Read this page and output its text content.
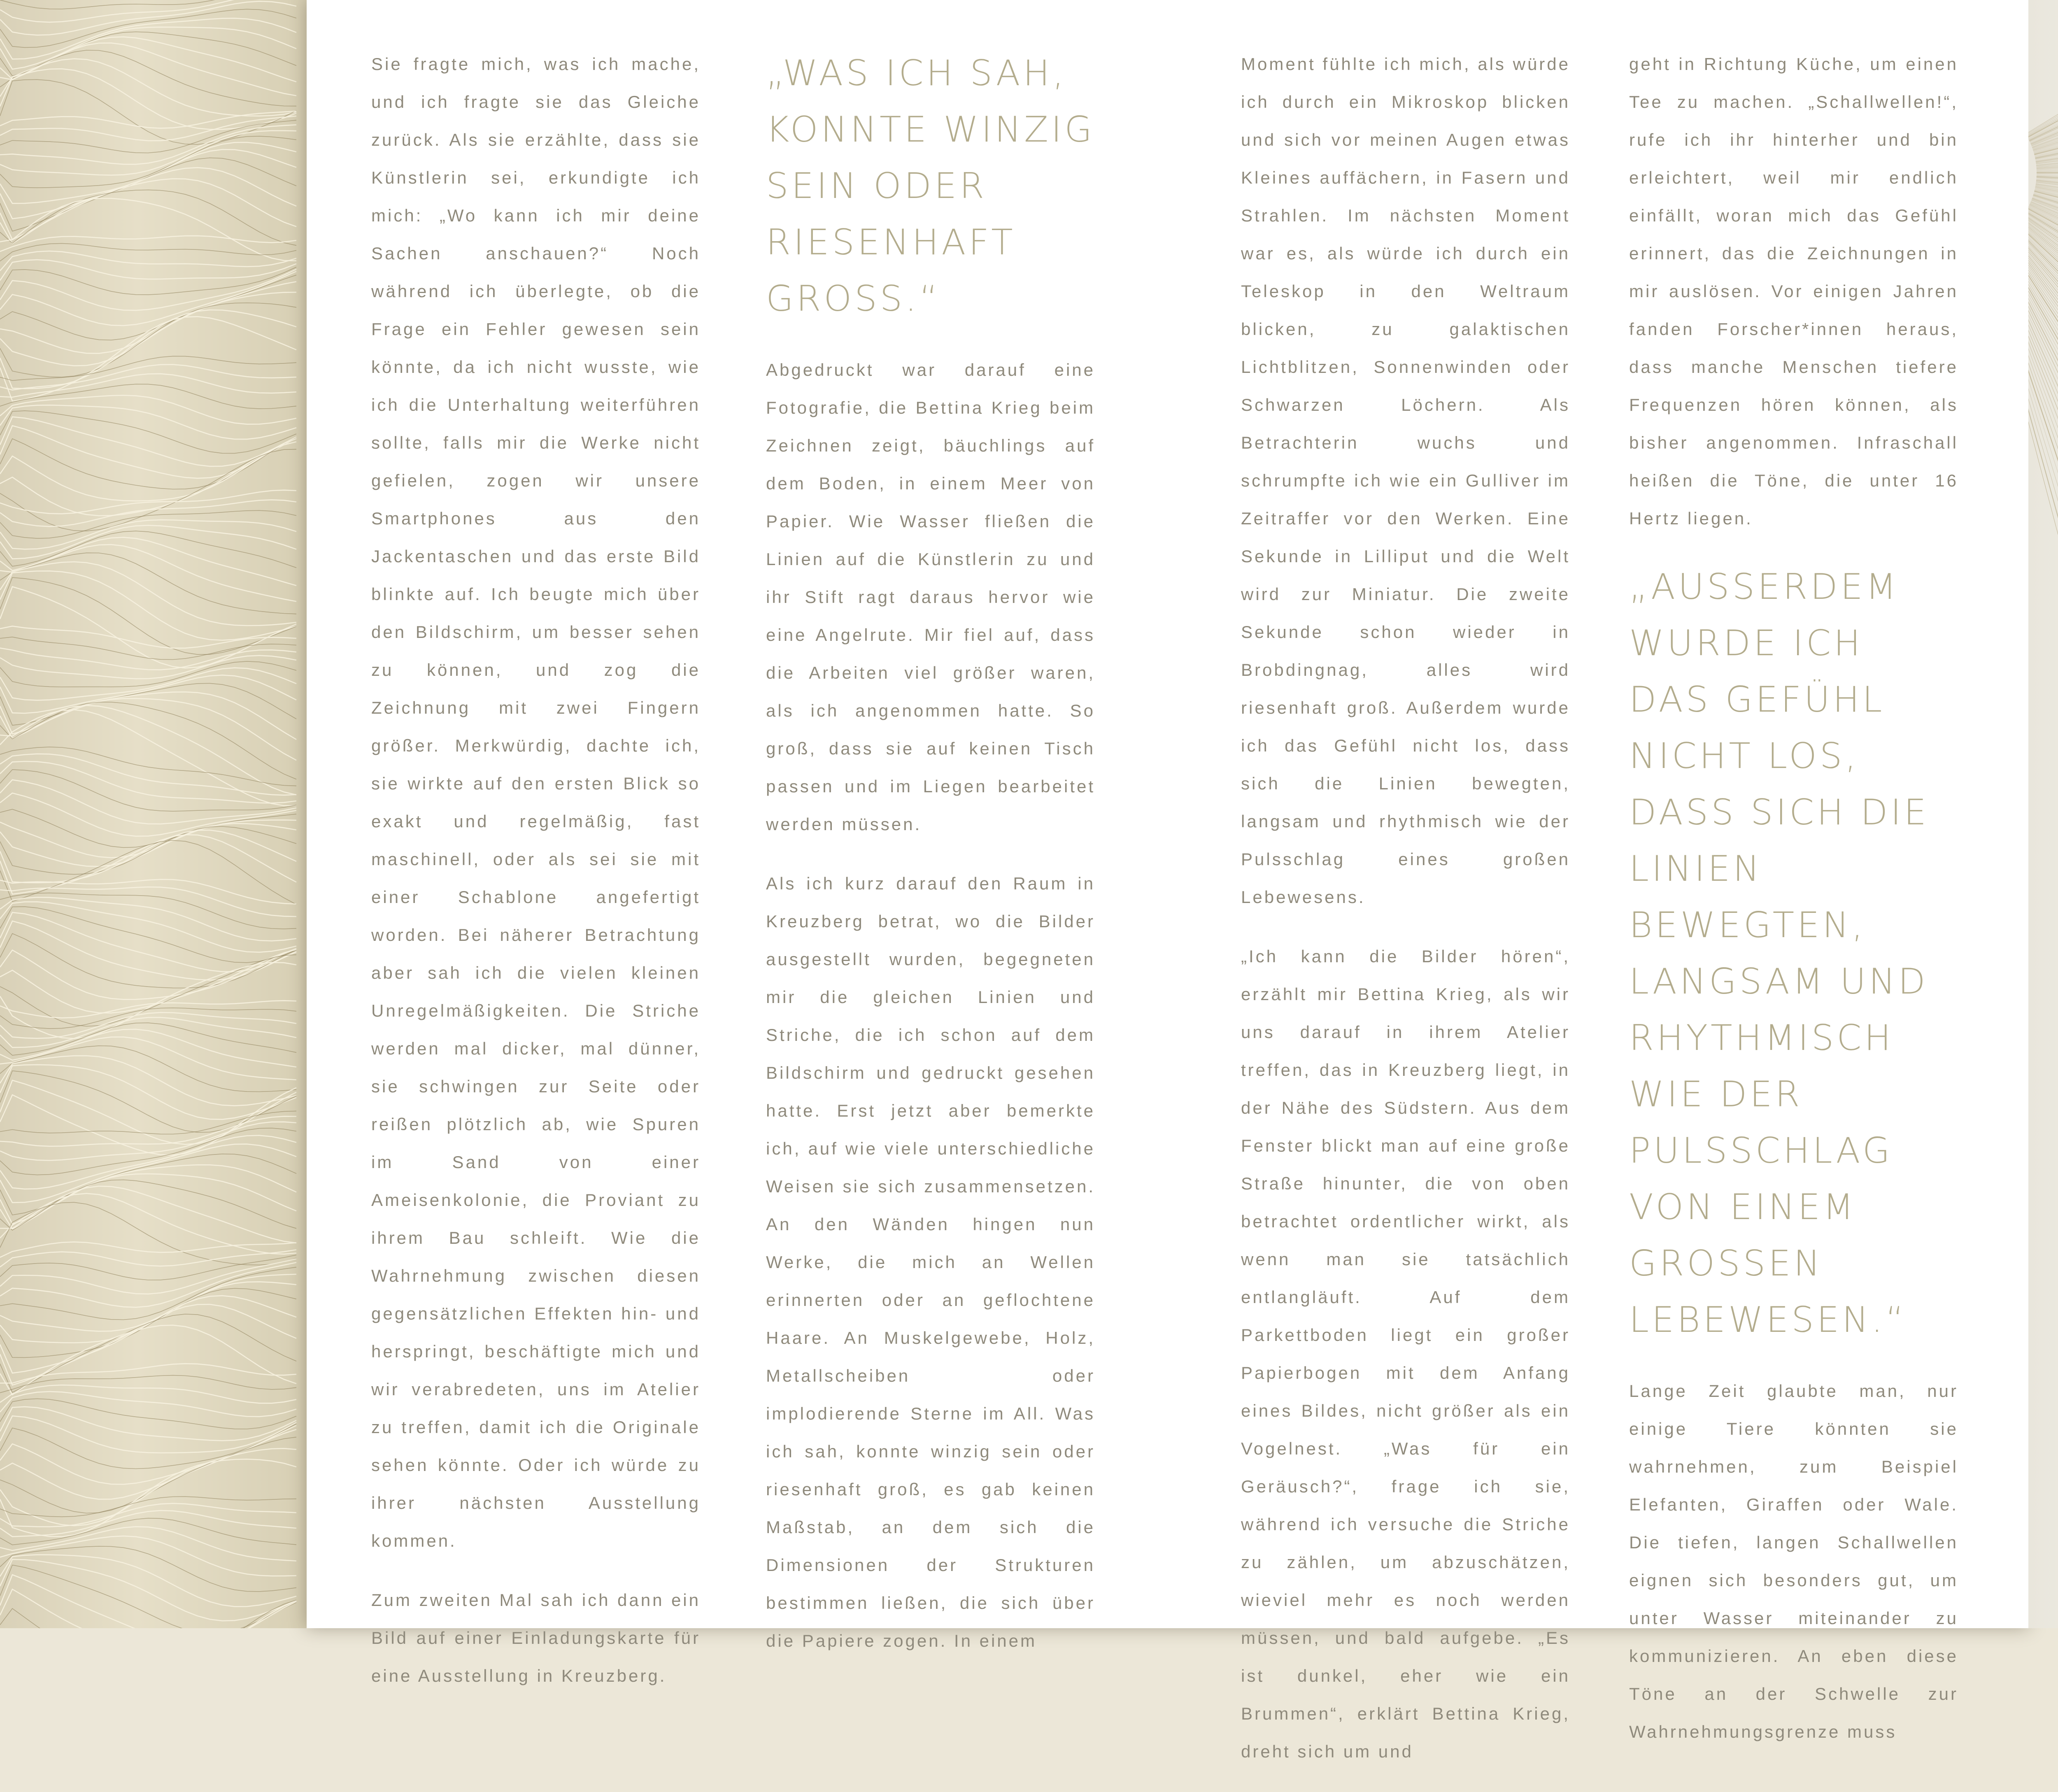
Sie fragte mich, was ich mache, und ich fragte sie das Gleiche zurück. Als sie erzählte, dass sie Künstlerin sei, erkundigte ich mich: „Wo kann ich mir deine Sachen anschauen?“ Noch während ich überlegte, ob die Frage ein Fehler gewesen sein könnte, da ich nicht wusste, wie ich die Unterhaltung weiterführen sollte, falls mir die Werke nicht gefielen, zogen wir unsere Smartphones aus den Jackentaschen und das erste Bild blinkte auf. Ich beugte mich über den Bildschirm, um besser sehen zu können, und zog die Zeichnung mit zwei Fingern größer. Merkwürdig, dachte ich, sie wirkte auf den ersten Blick so exakt und regelmäßig, fast maschinell, oder als sei sie mit einer Schablone angefertigt worden. Bei näherer Betrachtung aber sah ich die vielen kleinen Unregelmäßigkeiten. Die Striche werden mal dicker, mal dünner, sie schwingen zur Seite oder reißen plötzlich ab, wie Spuren im Sand von einer Ameisenkolonie, die Proviant zu ihrem Bau schleift. Wie die Wahrnehmung zwischen diesen gegensätzlichen Effekten hin- und herspringt, beschäftigte mich und wir verabredeten, uns im Atelier zu treffen, damit ich die Originale sehen könnte. Oder ich würde zu ihrer nächsten Ausstellung kommen.

Zum zweiten Mal sah ich dann ein Bild auf einer Einladungskarte für eine Ausstellung in Kreuzberg.

„WAS ICH SAH, KONNTE WINZIG SEIN ODER RIESENHAFT GROSS.“

Abgedruckt war darauf eine Fotografie, die Bettina Krieg beim Zeichnen zeigt, bäuchlings auf dem Boden, in einem Meer von Papier. Wie Wasser fließen die Linien auf die Künstlerin zu und ihr Stift ragt daraus hervor wie eine Angelrute. Mir fiel auf, dass die Arbeiten viel größer waren, als ich angenommen hatte. So groß, dass sie auf keinen Tisch passen und im Liegen bearbeitet werden müssen.

Als ich kurz darauf den Raum in Kreuzberg betrat, wo die Bilder ausgestellt wurden, begegneten mir die gleichen Linien und Striche, die ich schon auf dem Bildschirm und gedruckt gesehen hatte. Erst jetzt aber bemerkte ich, auf wie viele unterschiedliche Weisen sie sich zusammensetzen. An den Wänden hingen nun Werke, die mich an Wellen erinnerten oder an geflochtene Haare. An Muskelgewebe, Holz, Metallscheiben oder implodierende Sterne im All. Was ich sah, konnte winzig sein oder riesenhaft groß, es gab keinen Maßstab, an dem sich die Dimensionen der Strukturen bestimmen ließen, die sich über die Papiere zogen. In einem

Moment fühlte ich mich, als würde ich durch ein Mikroskop blicken und sich vor meinen Augen etwas Kleines auffächern, in Fasern und Strahlen. Im nächsten Moment war es, als würde ich durch ein Teleskop in den Weltraum blicken, zu galaktischen Lichtblitzen, Sonnenwinden oder Schwarzen Löchern. Als Betrachterin wuchs und schrumpfte ich wie ein Gulliver im Zeitraffer vor den Werken. Eine Sekunde in Lilliput und die Welt wird zur Miniatur. Die zweite Sekunde schon wieder in Brobdingnag, alles wird riesenhaft groß. Außerdem wurde ich das Gefühl nicht los, dass sich die Linien bewegten, langsam und rhythmisch wie der Pulsschlag eines großen Lebewesens.

„Ich kann die Bilder hören“, erzählt mir Bettina Krieg, als wir uns darauf in ihrem Atelier treffen, das in Kreuzberg liegt, in der Nähe des Südstern. Aus dem Fenster blickt man auf eine große Straße hinunter, die von oben betrachtet ordentlicher wirkt, als wenn man sie tatsächlich entlangläuft. Auf dem Parkettboden liegt ein großer Papierbogen mit dem Anfang eines Bildes, nicht größer als ein Vogelnest. „Was für ein Geräusch?“, frage ich sie, während ich versuche die Striche zu zählen, um abzuschätzen, wieviel mehr es noch werden müssen, und bald aufgebe. „Es ist dunkel, eher wie ein Brummen“, erklärt Bettina Krieg, dreht sich um und

geht in Richtung Küche, um einen Tee zu machen. „Schallwellen!“, rufe ich ihr hinterher und bin erleichtert, weil mir endlich einfällt, woran mich das Gefühl erinnert, das die Zeichnungen in mir auslösen. Vor einigen Jahren fanden Forscher*innen heraus, dass manche Menschen tiefere Frequenzen hören können, als bisher angenommen. Infraschall heißen die Töne, die unter 16 Hertz liegen.

„AUSSERDEM WURDE ICH DAS GEFÜHL NICHT LOS, DASS SICH DIE LINIEN BEWEGTEN, LANGSAM UND RHYTHMISCH WIE DER PULSSCHLAG VON EINEM GROSSEN LEBEWESEN.“

Lange Zeit glaubte man, nur einige Tiere könnten sie wahrnehmen, zum Beispiel Elefanten, Giraffen oder Wale. Die tiefen, langen Schallwellen eignen sich besonders gut, um unter Wasser miteinander zu kommunizieren. An eben diese Töne an der Schwelle zur Wahrnehmungsgrenze muss
